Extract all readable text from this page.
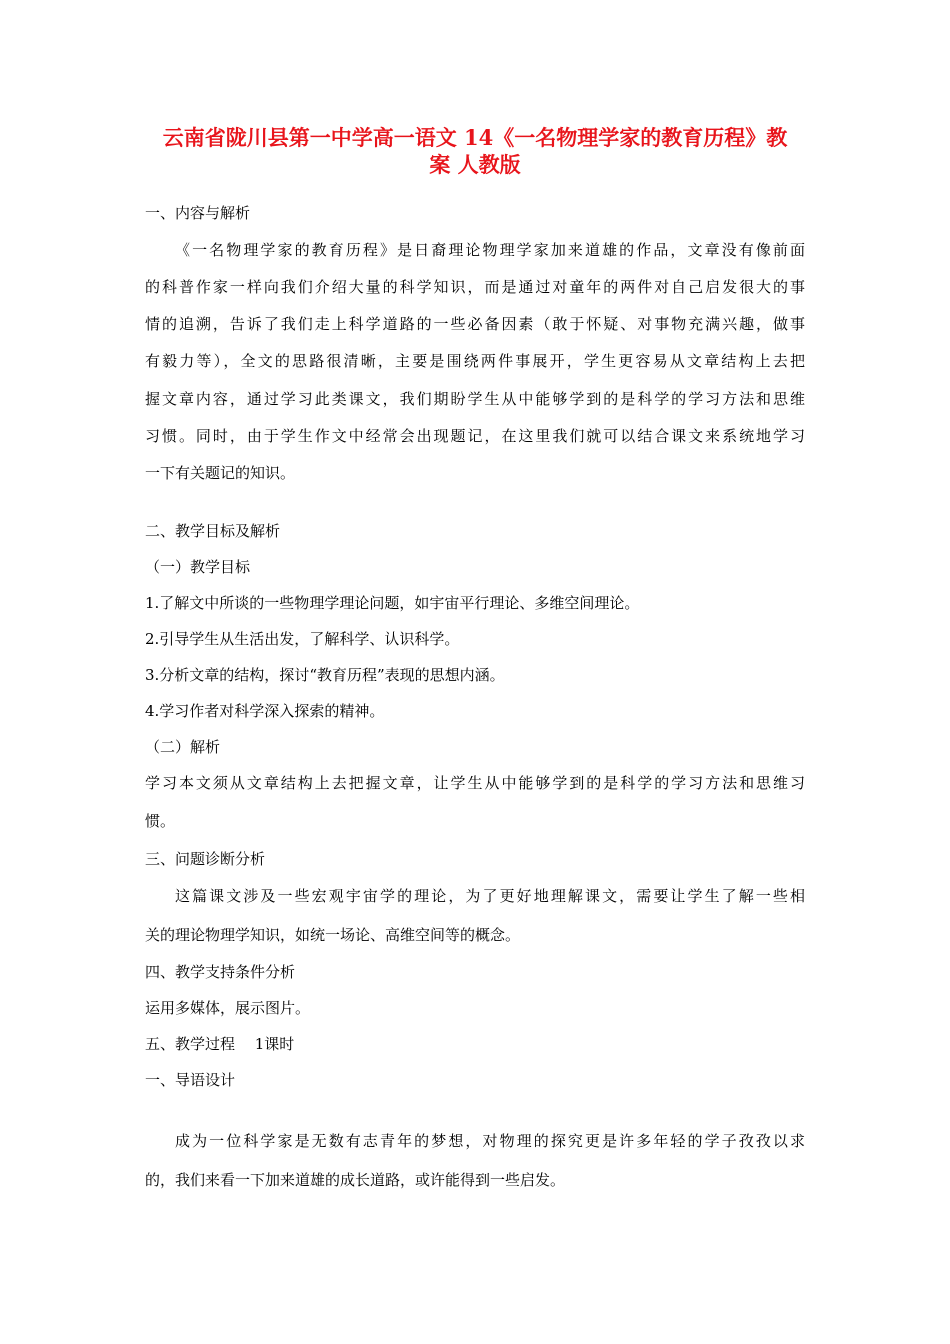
云南省陇川县第一中学高一语文 14《一名物理学家的教育历程》教
案 人教版

一、内容与解析

《一名物理学家的教育历程》是日裔理论物理学家加来道雄的作品，文章没有像前面

的科普作家一样向我们介绍大量的科学知识，而是通过对童年的两件对自己启发很大的事

情的追溯，告诉了我们走上科学道路的一些必备因素（敢于怀疑、对事物充满兴趣，做事

有毅力等），全文的思路很清晰，主要是围绕两件事展开，学生更容易从文章结构上去把

握文章内容，通过学习此类课文，我们期盼学生从中能够学到的是科学的学习方法和思维

习惯。同时，由于学生作文中经常会出现题记，在这里我们就可以结合课文来系统地学习

一下有关题记的知识。

二、教学目标及解析

（一）教学目标

1.了解文中所谈的一些物理学理论问题，如宇宙平行理论、多维空间理论。

2.引导学生从生活出发，了解科学、认识科学。

3.分析文章的结构，探讨“教育历程”表现的思想内涵。

4.学习作者对科学深入探索的精神。

（二）解析

学习本文须从文章结构上去把握文章，让学生从中能够学到的是科学的学习方法和思维习

惯。

三、问题诊断分析

这篇课文涉及一些宏观宇宙学的理论，为了更好地理解课文，需要让学生了解一些相

关的理论物理学知识，如统一场论、高维空间等的概念。

四、教学支持条件分析

运用多媒体，展示图片。

五、教学过程　 1课时

一、导语设计

成为一位科学家是无数有志青年的梦想，对物理的探究更是许多年轻的学子孜孜以求

的，我们来看一下加来道雄的成长道路，或许能得到一些启发。
